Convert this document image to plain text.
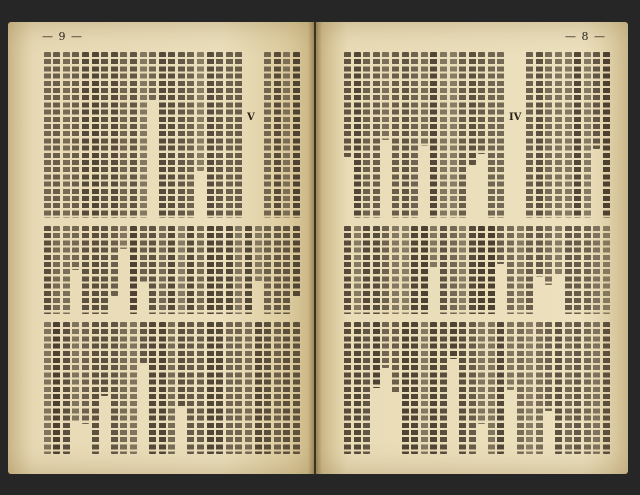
— 9 —	— 8 —
V	IV
